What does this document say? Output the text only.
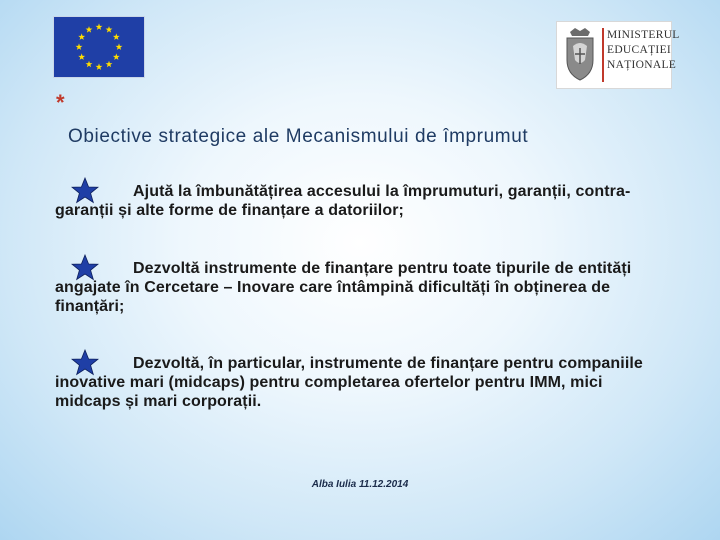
MINISTERUL
EDUCAȚIEI
NAȚIONALE
*
Obiective strategice ale Mecanismului de împrumut

Ajută la îmbunătățirea accesului la împrumuturi, garanții, contra-garanții și alte forme de finanțare a datoriilor;

Dezvoltă instrumente de finanțare pentru toate tipurile de entități angajate în Cercetare – Inovare care întâmpină dificultăți în obținerea de finanțări;

Dezvoltă, în particular, instrumente de finanțare pentru companiile inovative mari (midcaps) pentru completarea ofertelor pentru IMM, mici midcaps și mari corporații.

Alba Iulia 11.12.2014
